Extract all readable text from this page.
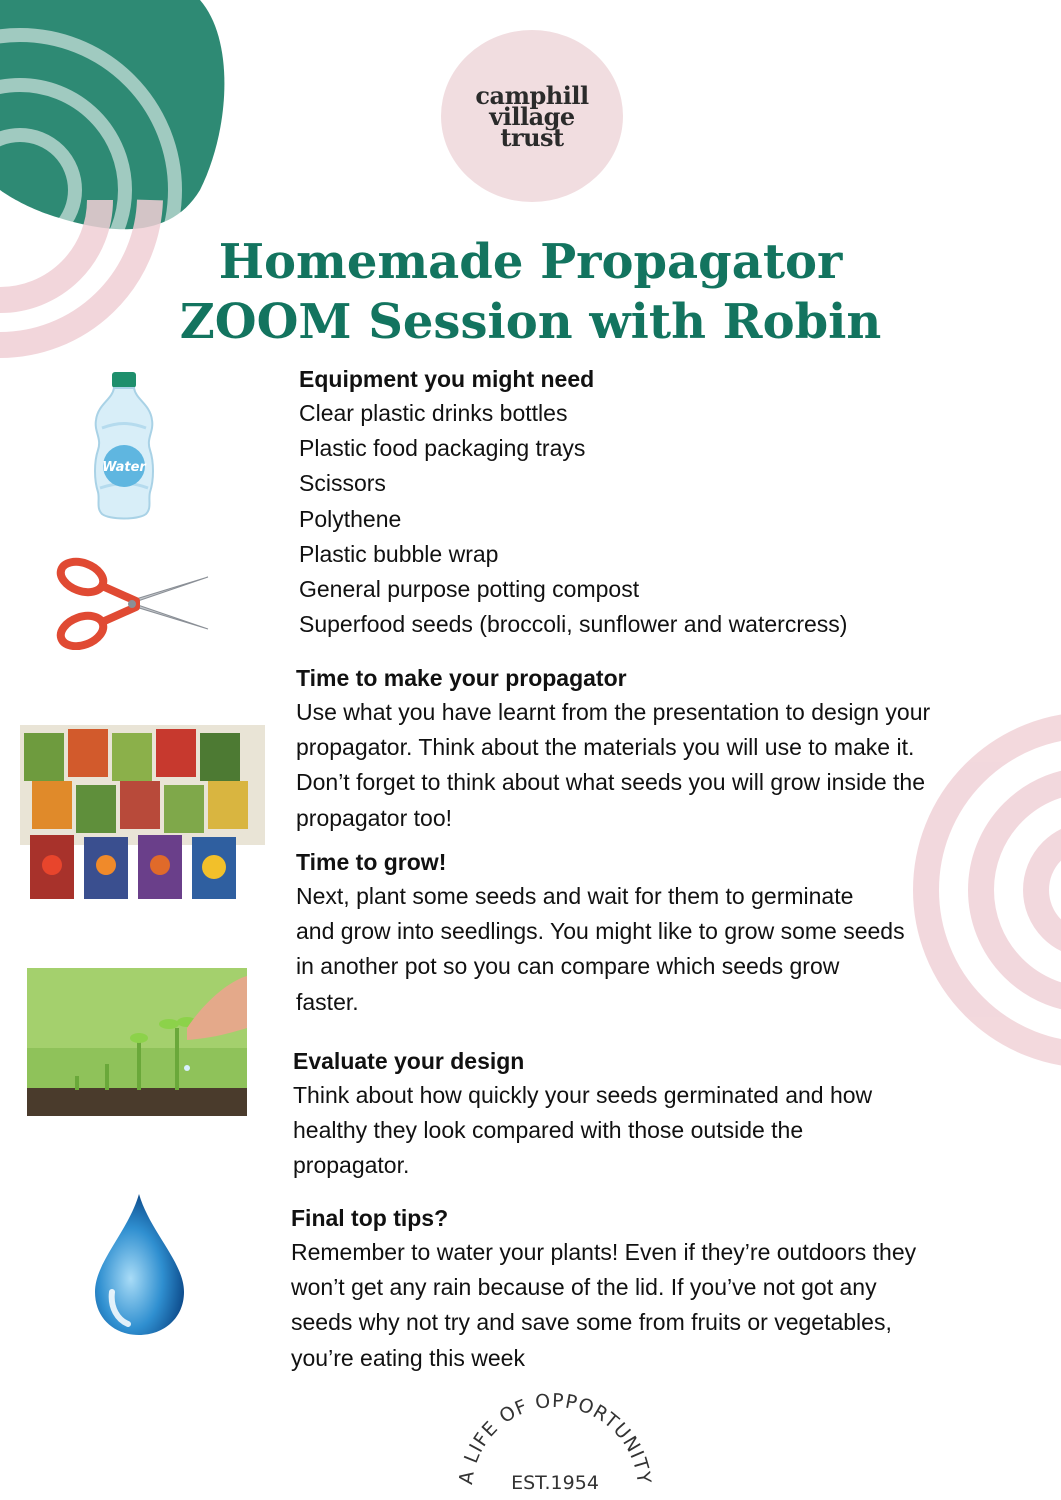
camphill
village
trust
Homemade Propagator
ZOOM Session with Robin
Water
Equipment you might need
Clear plastic drinks bottles
Plastic food packaging trays
Scissors
Polythene
Plastic bubble wrap
General purpose potting compost
Superfood seeds (broccoli, sunflower and watercress)
Time to make your propagator

Use what you have learnt from the presentation to design your

propagator. Think about the materials you will use to make it.

Don’t forget to think about what seeds you will grow inside the

propagator too!

Time to grow!

Next, plant some seeds and wait for them to germinate

and grow into seedlings. You might like to grow some seeds

in another pot so you can compare which seeds grow

faster.

Evaluate your design

Think about how quickly your seeds germinated and how

healthy they look compared with those outside the

propagator.

Final top tips?

Remember to water your plants! Even if they’re outdoors they

won’t get any rain because of the lid. If you’ve not got any

seeds why not try and save some from fruits or vegetables,

you’re eating this week

A LIFE OF OPPORTUNITY
EST.1954
